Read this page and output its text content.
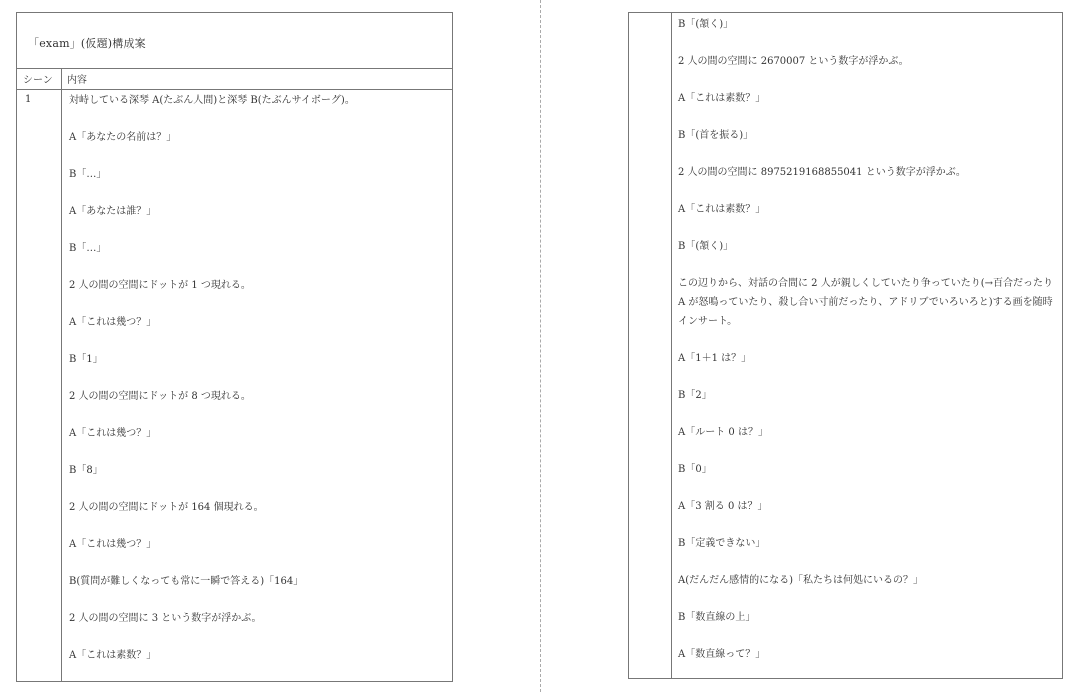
「exam」(仮題)構成案
シーン 内容
1	対峙している深琴 A(たぶん人間)と深琴 B(たぶんサイボーグ)。
A「あなたの名前は？」
B「…」
A「あなたは誰？」
B「…」
2 人の間の空間にドットが 1 つ現れる。
A「これは幾つ？」
B「1」
2 人の間の空間にドットが 8 つ現れる。
A「これは幾つ？」
B「8」
2 人の間の空間にドットが 164 個現れる。
A「これは幾つ？」
B(質問が難しくなっても常に一瞬で答える)「164」
2 人の間の空間に 3 という数字が浮かぶ。
A「これは素数？」
B「(頷く)」
2 人の間の空間に 2670007 という数字が浮かぶ。
A「これは素数？」
B「(首を振る)」
2 人の間の空間に 8975219168855041 という数字が浮かぶ。
A「これは素数？」
B「(頷く)」
この辺りから、対話の合間に 2 人が親しくしていたり争っていたり(→百合だったり A が怒鳴っていたり、殺し合い寸前だったり、アドリブでいろいろと)する画を随時インサート。
A「1＋1 は？」
B「2」
A「ルート 0 は？」
B「0」
A「3 割る 0 は？」
B「定義できない」
A(だんだん感情的になる)「私たちは何処にいるの？」
B「数直線の上」
A「数直線って？」
